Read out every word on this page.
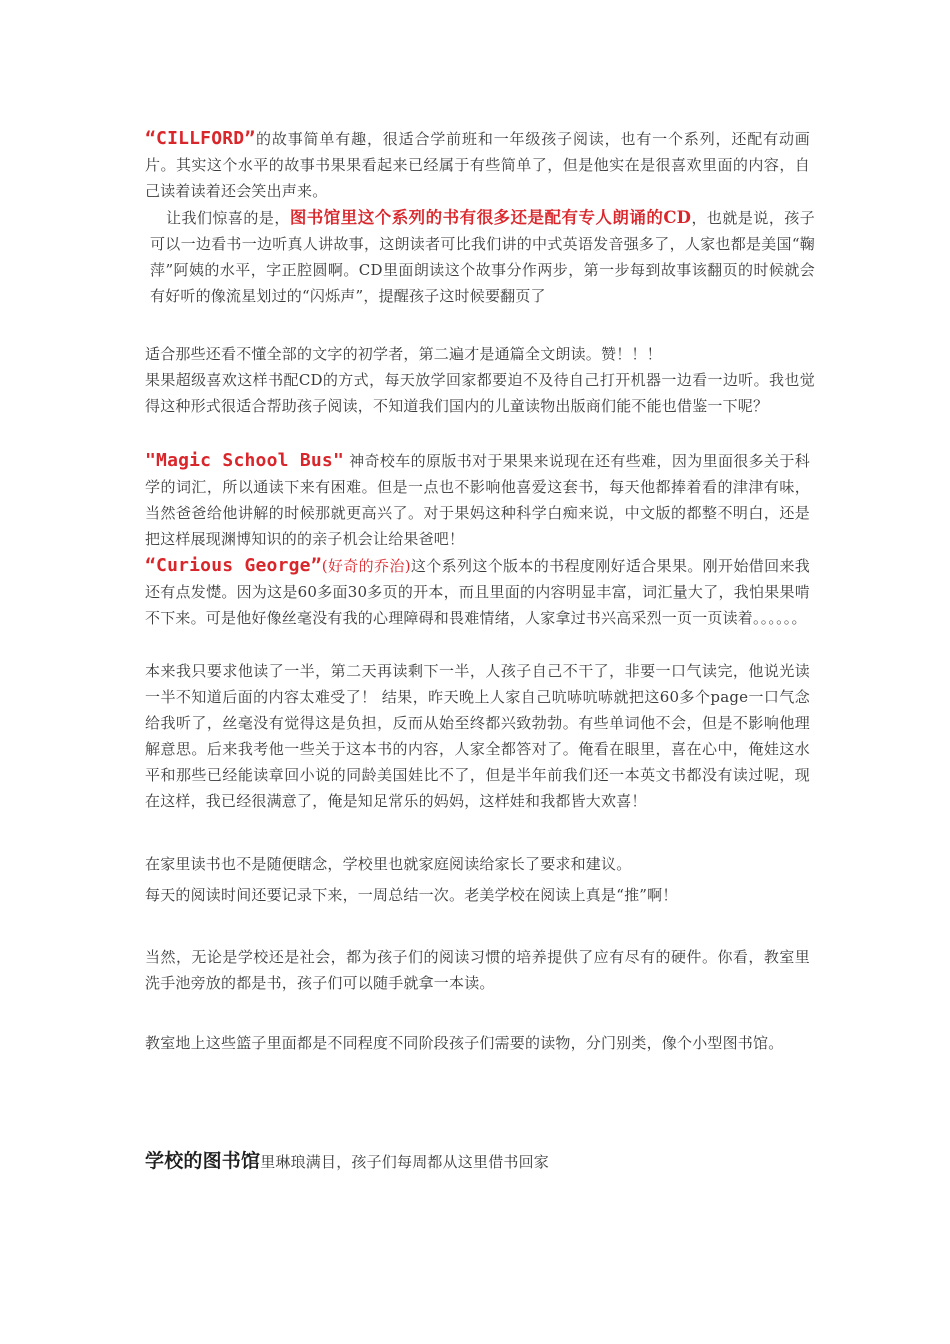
“CILLFORD”的故事简单有趣，很适合学前班和一年级孩子阅读，也有一个系列，还配有动画片。其实这个水平的故事书果果看起来已经属于有些简单了，但是他实在是很喜欢里面的内容，自己读着读着还会笑出声来。

让我们惊喜的是，图书馆里这个系列的书有很多还是配有专人朗诵的CD，也就是说，孩子可以一边看书一边听真人讲故事，这朗读者可比我们讲的中式英语发音强多了，人家也都是美国“鞠萍”阿姨的水平，字正腔圆啊。CD里面朗读这个故事分作两步，第一步每到故事该翻页的时候就会有好听的像流星划过的“闪烁声”，提醒孩子这时候要翻页了

适合那些还看不懂全部的文字的初学者，第二遍才是通篇全文朗读。赞！！！

果果超级喜欢这样书配CD的方式，每天放学回家都要迫不及待自己打开机器一边看一边听。我也觉得这种形式很适合帮助孩子阅读，不知道我们国内的儿童读物出版商们能不能也借鉴一下呢？

"Magic School Bus" 神奇校车的原版书对于果果来说现在还有些难，因为里面很多关于科学的词汇，所以通读下来有困难。但是一点也不影响他喜爱这套书，每天他都捧着看的津津有味，当然爸爸给他讲解的时候那就更高兴了。对于果妈这种科学白痴来说，中文版的都整不明白，还是把这样展现渊博知识的的亲子机会让给果爸吧！

“Curious George”(好奇的乔治)这个系列这个版本的书程度刚好适合果果。刚开始借回来我还有点发憷。因为这是60多面30多页的开本，而且里面的内容明显丰富，词汇量大了，我怕果果啃不下来。可是他好像丝毫没有我的心理障碍和畏难情绪，人家拿过书兴高采烈一页一页读着。。。。。。

本来我只要求他读了一半，第二天再读剩下一半，人孩子自己不干了，非要一口气读完，他说光读一半不知道后面的内容太难受了！ 结果，昨天晚上人家自己吭哧吭哧就把这60多个page一口气念给我听了，丝毫没有觉得这是负担，反而从始至终都兴致勃勃。有些单词他不会，但是不影响他理解意思。后来我考他一些关于这本书的内容，人家全都答对了。俺看在眼里，喜在心中，俺娃这水平和那些已经能读章回小说的同龄美国娃比不了，但是半年前我们还一本英文书都没有读过呢，现在这样，我已经很满意了，俺是知足常乐的妈妈，这样娃和我都皆大欢喜！

在家里读书也不是随便瞎念，学校里也就家庭阅读给家长了要求和建议。

每天的阅读时间还要记录下来，一周总结一次。老美学校在阅读上真是“推”啊！

当然，无论是学校还是社会，都为孩子们的阅读习惯的培养提供了应有尽有的硬件。你看，教室里洗手池旁放的都是书，孩子们可以随手就拿一本读。

教室地上这些篮子里面都是不同程度不同阶段孩子们需要的读物，分门别类，像个小型图书馆。

学校的图书馆里琳琅满目，孩子们每周都从这里借书回家
